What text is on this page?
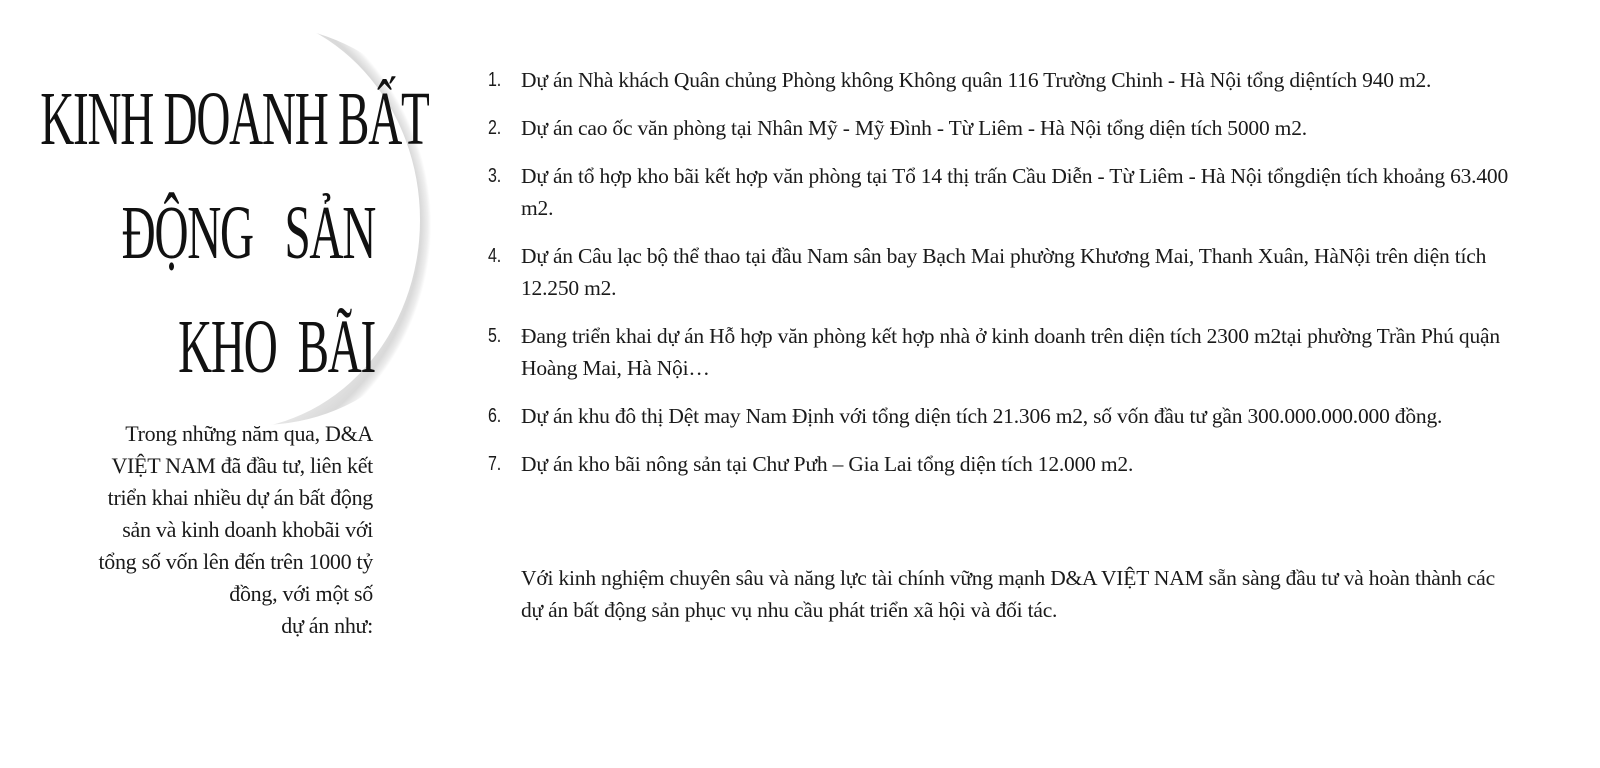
KINH DOANH BẤT
ĐỘNG   SẢN
KHO  BÃI
Trong những năm qua, D&A
VIỆT NAM đã đầu tư, liên kết
triển khai nhiều dự án bất động
sản và kinh doanh khobãi với
tổng số vốn lên đến trên 1000 tỷ
đồng, với một số
dự án như:
1. Dự án Nhà khách Quân chủng Phòng không Không quân 116 Trường Chinh - Hà Nội tổng diệntích 940 m2.
2. Dự án cao ốc văn phòng tại Nhân Mỹ - Mỹ Đình - Từ Liêm - Hà Nội tổng diện tích 5000 m2.
3. Dự án tổ hợp kho bãi kết hợp văn phòng tại Tổ 14 thị trấn Cầu Diễn - Từ Liêm - Hà Nội tổngdiện tích khoảng 63.400 m2.
4. Dự án Câu lạc bộ thể thao tại đầu Nam sân bay Bạch Mai phường Khương Mai, Thanh Xuân, HàNội trên diện tích 12.250 m2.
5. Đang triển khai dự án Hỗ hợp văn phòng kết hợp nhà ở kinh doanh trên diện tích 2300 m2tại phường Trần Phú quận Hoàng Mai, Hà Nội…
6. Dự án khu đô thị Dệt may Nam Định với tổng diện tích 21.306 m2, số vốn đầu tư gần 300.000.000.000 đồng.
7. Dự án kho bãi nông sản tại Chư Pưh – Gia Lai tổng diện tích 12.000 m2.
Với kinh nghiệm chuyên sâu và năng lực tài chính vững mạnh D&A VIỆT NAM sẵn sàng đầu tư và hoàn thành các dự án bất động sản phục vụ nhu cầu phát triển xã hội và đối tác.
